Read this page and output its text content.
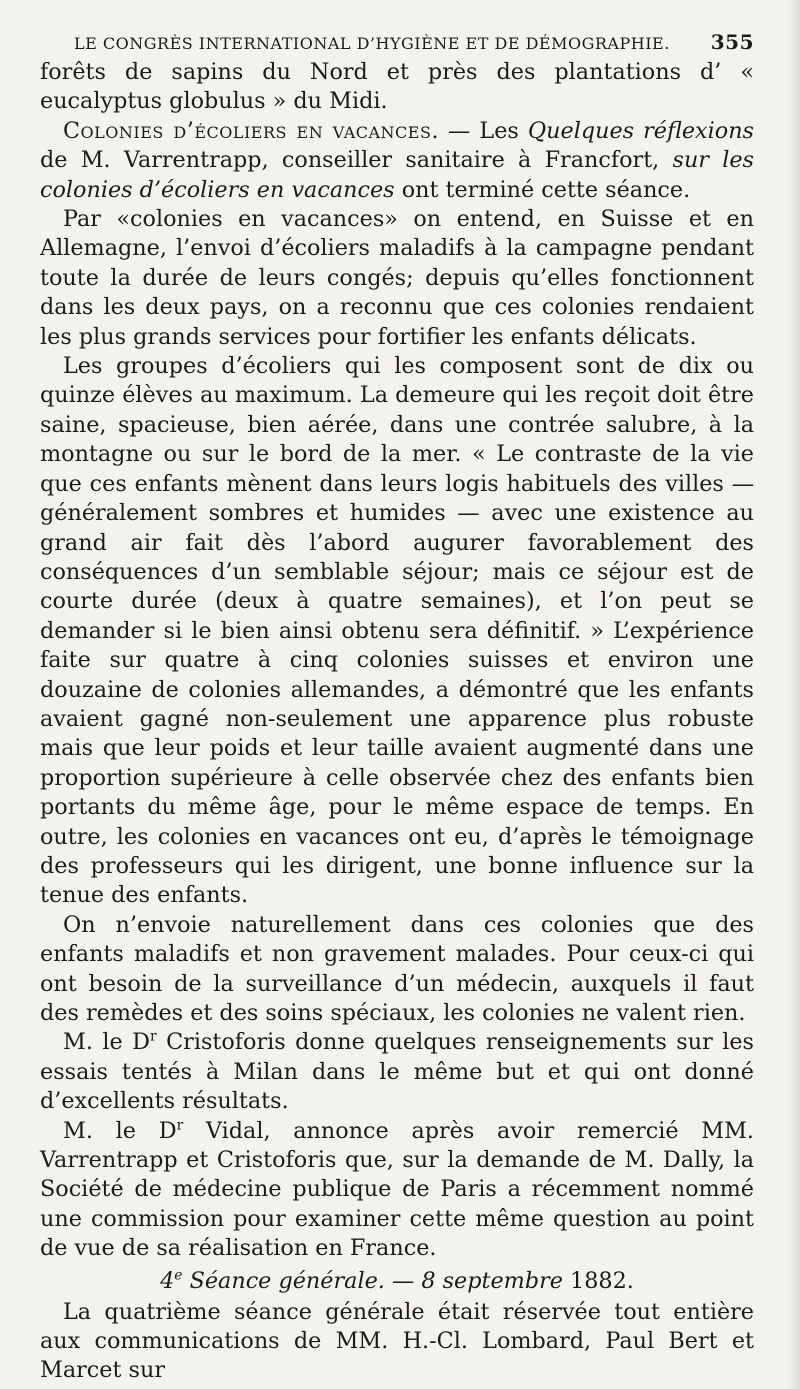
LE CONGRÈS INTERNATIONAL D’HYGIÈNE ET DE DÉMOGRAPHIE. 355

forêts de sapins du Nord et près des plantations d’ « eucalyptus globulus » du Midi.

Colonies d’écoliers en vacances. — Les Quelques réflexions de M. Varrentrapp, conseiller sanitaire à Francfort, sur les colonies d’écoliers en vacances ont terminé cette séance.

Par «colonies en vacances» on entend, en Suisse et en Allemagne, l’envoi d’écoliers maladifs à la campagne pendant toute la durée de leurs congés; depuis qu’elles fonctionnent dans les deux pays, on a reconnu que ces colonies rendaient les plus grands services pour fortifier les enfants délicats.

Les groupes d’écoliers qui les composent sont de dix ou quinze élèves au maximum. La demeure qui les reçoit doit être saine, spacieuse, bien aérée, dans une contrée salubre, à la montagne ou sur le bord de la mer. « Le contraste de la vie que ces enfants mènent dans leurs logis habituels des villes — généralement sombres et humides — avec une existence au grand air fait dès l’abord augurer favorablement des conséquences d’un semblable séjour; mais ce séjour est de courte durée (deux à quatre semaines), et l’on peut se demander si le bien ainsi obtenu sera définitif. » L’expérience faite sur quatre à cinq colonies suisses et environ une douzaine de colonies allemandes, a démontré que les enfants avaient gagné non-seulement une apparence plus robuste mais que leur poids et leur taille avaient augmenté dans une proportion supérieure à celle observée chez des enfants bien portants du même âge, pour le même espace de temps. En outre, les colonies en vacances ont eu, d’après le témoignage des professeurs qui les dirigent, une bonne influence sur la tenue des enfants.

On n’envoie naturellement dans ces colonies que des enfants maladifs et non gravement malades. Pour ceux-ci qui ont besoin de la surveillance d’un médecin, auxquels il faut des remèdes et des soins spéciaux, les colonies ne valent rien.

M. le $D^r$ Cristoforis donne quelques renseignements sur les essais tentés à Milan dans le même but et qui ont donné d’excellents résultats.

M. le $D^r$ Vidal, annonce après avoir remercié MM. Varrentrapp et Cristoforis que, sur la demande de M. Dally, la Société de médecine publique de Paris a récemment nommé une commission pour examiner cette même question au point de vue de sa réalisation en France.

4e Séance générale. — 8 septembre 1882.

La quatrième séance générale était réservée tout entière aux communications de MM. H.-Cl. Lombard, Paul Bert et Marcet sur
